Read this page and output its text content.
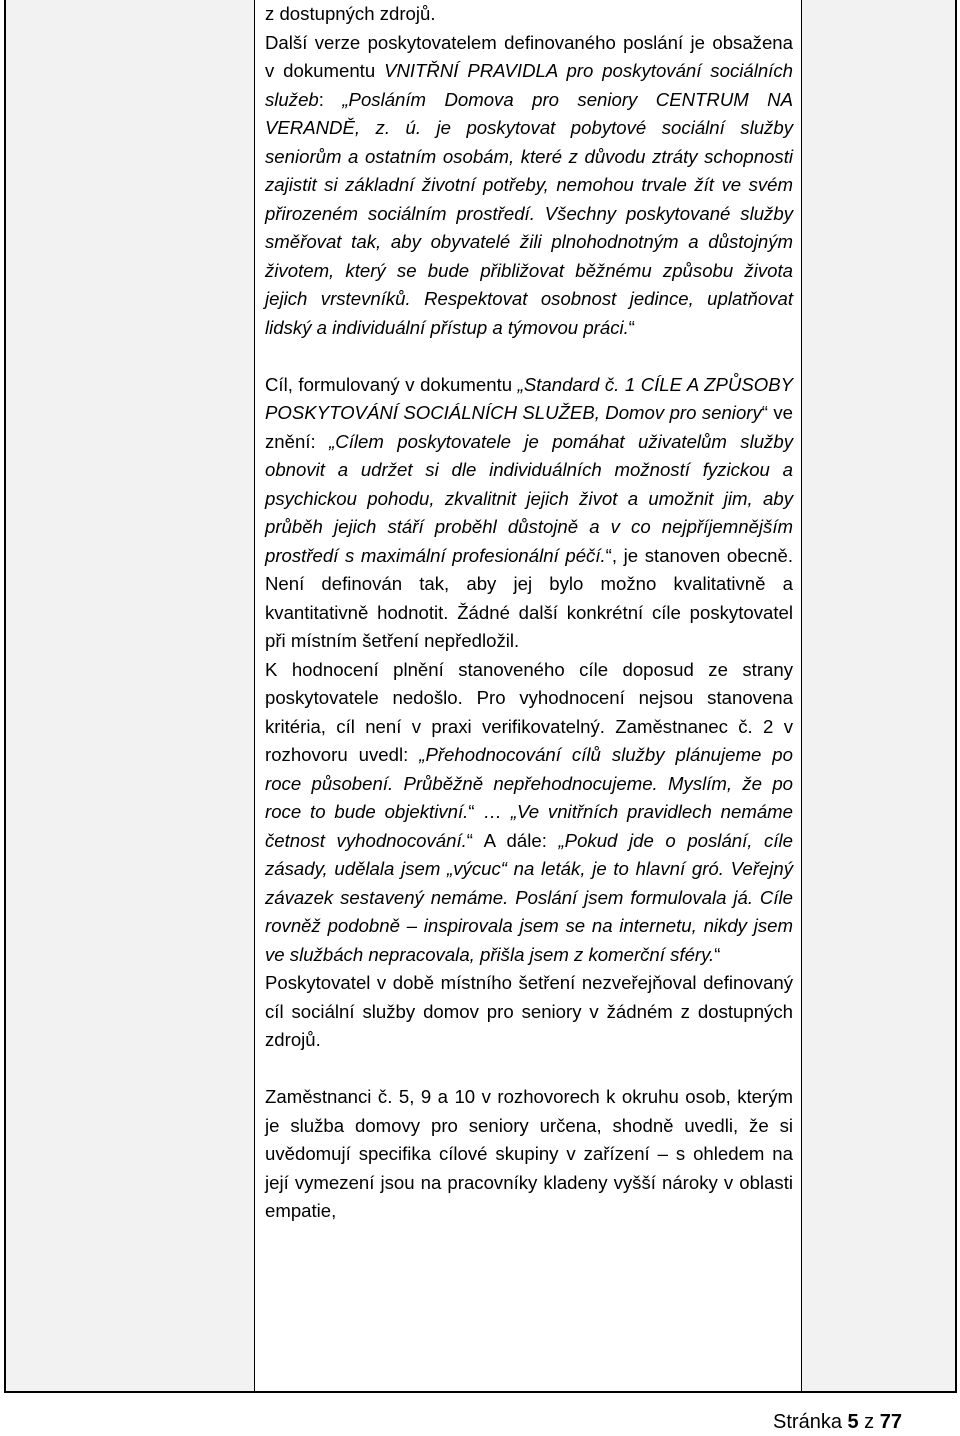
z dostupných zdrojů.

Další verze poskytovatelem definovaného poslání je obsažena v dokumentu VNITŘNÍ PRAVIDLA pro poskytování sociálních služeb: „Posláním Domova pro seniory CENTRUM NA VERANDĚ, z. ú. je poskytovat pobytové sociální služby seniorům a ostatním osobám, které z důvodu ztráty schopnosti zajistit si základní životní potřeby, nemohou trvale žít ve svém přirozeném sociálním prostředí. Všechny poskytované služby směřovat tak, aby obyvatelé žili plnohodnotným a důstojným životem, který se bude přibližovat běžnému způsobu života jejich vrstevníků. Respektovat osobnost jedince, uplatňovat lidský a individuální přístup a týmovou práci.“

Cíl, formulovaný v dokumentu „Standard č. 1 CÍLE A ZPŮSOBY POSKYTOVÁNÍ SOCIÁLNÍCH SLUŽEB, Domov pro seniory“ ve znění: „Cílem poskytovatele je pomáhat uživatelům služby obnovit a udržet si dle individuálních možností fyzickou a psychickou pohodu, zkvalitnit jejich život a umožnit jim, aby průběh jejich stáří proběhl důstojně a v co nejpříjemnějším prostředí s maximální profesionální péčí.“, je stanoven obecně. Není definován tak, aby jej bylo možno kvalitativně a kvantitativně hodnotit. Žádné další konkrétní cíle poskytovatel při místním šetření nepředložil.

K hodnocení plnění stanoveného cíle doposud ze strany poskytovatele nedošlo. Pro vyhodnocení nejsou stanovena kritéria, cíl není v praxi verifikovatelný. Zaměstnanec č. 2 v rozhovoru uvedl: „Přehodnocování cílů služby plánujeme po roce působení. Průběžně nepřehodnocujeme. Myslím, že po roce to bude objektivní.“ … „Ve vnitřních pravidlech nemáme četnost vyhodnocování.“ A dále: „Pokud jde o poslání, cíle zásady, udělala jsem „výcuc“ na leták, je to hlavní gró. Veřejný závazek sestavený nemáme. Poslání jsem formulovala já. Cíle rovněž podobně – inspirovala jsem se na internetu, nikdy jsem ve službách nepracovala, přišla jsem z komerční sféry.“

Poskytovatel v době místního šetření nezveřejňoval definovaný cíl sociální služby domov pro seniory v žádném z dostupných zdrojů.

Zaměstnanci č. 5, 9 a 10 v rozhovorech k okruhu osob, kterým je služba domovy pro seniory určena, shodně uvedli, že si uvědomují specifika cílové skupiny v zařízení – s ohledem na její vymezení jsou na pracovníky kladeny vyšší nároky v oblasti empatie,

Stránka 5 z 77
